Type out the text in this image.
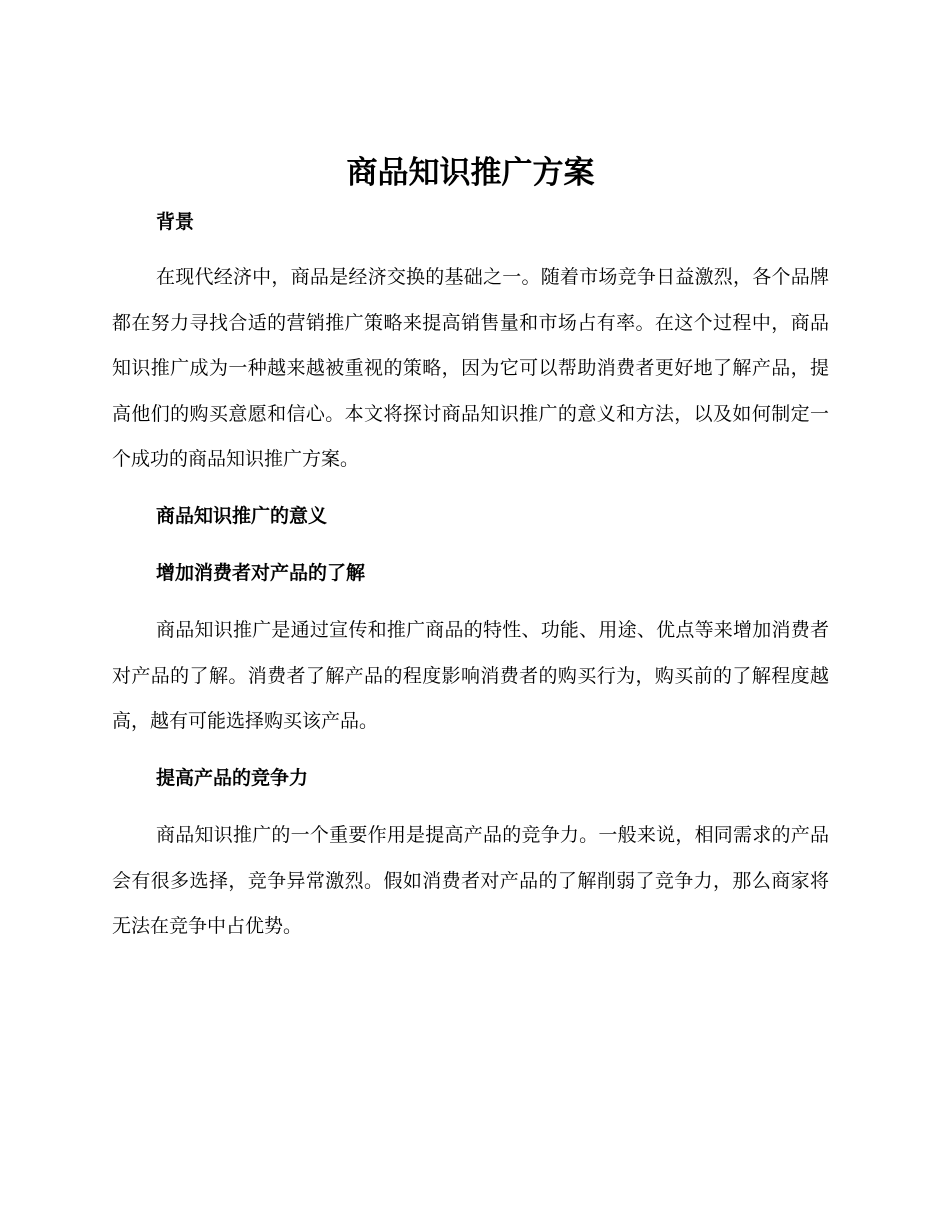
商品知识推广方案
背景

在现代经济中，商品是经济交换的基础之一。随着市场竞争日益激烈，各个品牌都在努力寻找合适的营销推广策略来提高销售量和市场占有率。在这个过程中，商品知识推广成为一种越来越被重视的策略，因为它可以帮助消费者更好地了解产品，提高他们的购买意愿和信心。本文将探讨商品知识推广的意义和方法，以及如何制定一个成功的商品知识推广方案。

商品知识推广的意义
增加消费者对产品的了解

商品知识推广是通过宣传和推广商品的特性、功能、用途、优点等来增加消费者对产品的了解。消费者了解产品的程度影响消费者的购买行为，购买前的了解程度越高，越有可能选择购买该产品。

提高产品的竞争力

商品知识推广的一个重要作用是提高产品的竞争力。一般来说，相同需求的产品会有很多选择，竞争异常激烈。假如消费者对产品的了解削弱了竞争力，那么商家将无法在竞争中占优势。
